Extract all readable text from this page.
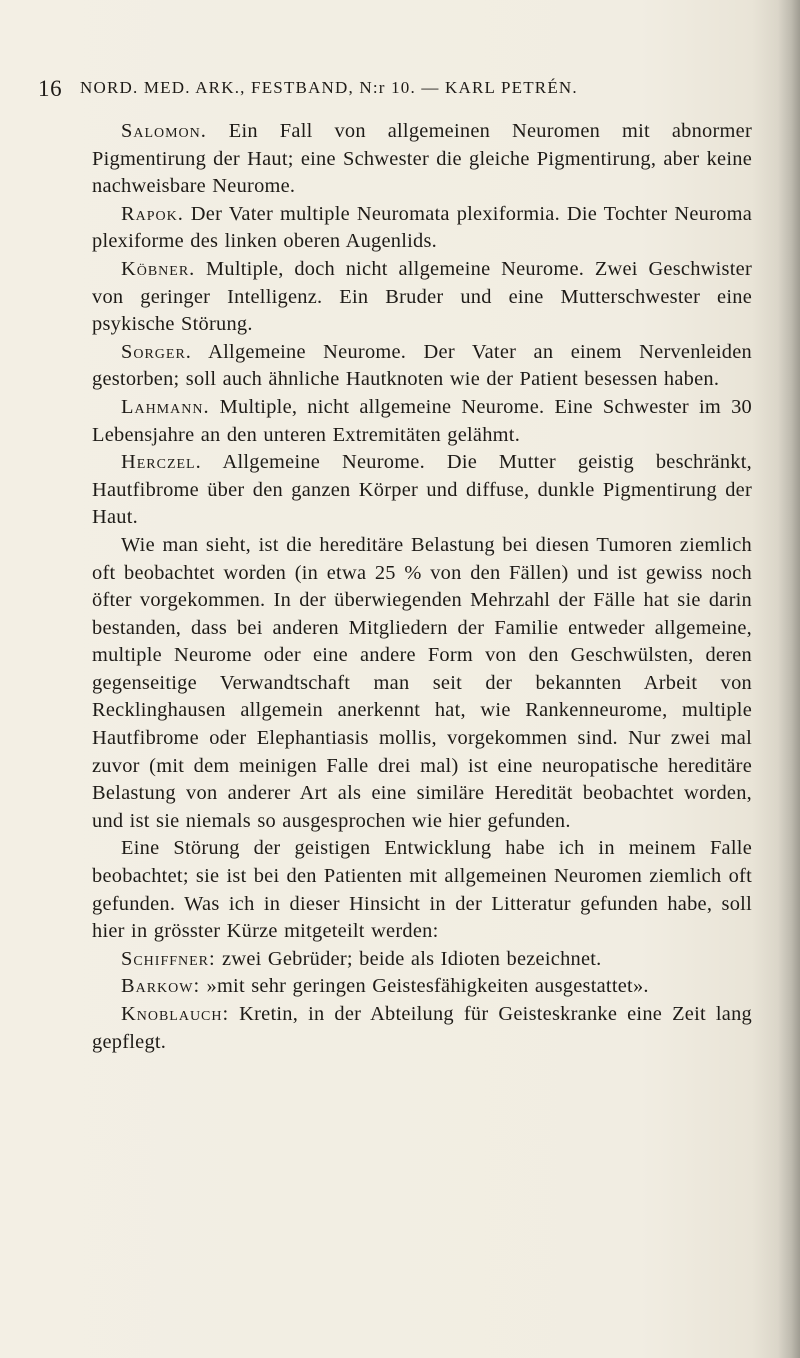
16 NORD. MED. ARK., FESTBAND, N:r 10. — KARL PETRÉN.

Salomon. Ein Fall von allgemeinen Neuromen mit abnormer Pigmentirung der Haut; eine Schwester die gleiche Pigmentirung, aber keine nachweisbare Neurome.

Rapok. Der Vater multiple Neuromata plexiformia. Die Tochter Neuroma plexiforme des linken oberen Augenlids.

Köbner. Multiple, doch nicht allgemeine Neurome. Zwei Geschwister von geringer Intelligenz. Ein Bruder und eine Mutterschwester eine psykische Störung.

Sorger. Allgemeine Neurome. Der Vater an einem Nervenleiden gestorben; soll auch ähnliche Hautknoten wie der Patient besessen haben.

Lahmann. Multiple, nicht allgemeine Neurome. Eine Schwester im 30 Lebensjahre an den unteren Extremitäten gelähmt.

Herczel. Allgemeine Neurome. Die Mutter geistig beschränkt, Hautfibrome über den ganzen Körper und diffuse, dunkle Pigmentirung der Haut.

Wie man sieht, ist die hereditäre Belastung bei diesen Tumoren ziemlich oft beobachtet worden (in etwa 25 % von den Fällen) und ist gewiss noch öfter vorgekommen. In der überwiegenden Mehrzahl der Fälle hat sie darin bestanden, dass bei anderen Mitgliedern der Familie entweder allgemeine, multiple Neurome oder eine andere Form von den Geschwülsten, deren gegenseitige Verwandtschaft man seit der bekannten Arbeit von Recklinghausen allgemein anerkennt hat, wie Rankenneurome, multiple Hautfibrome oder Elephantiasis mollis, vorgekommen sind. Nur zwei mal zuvor (mit dem meinigen Falle drei mal) ist eine neuropatische hereditäre Belastung von anderer Art als eine similäre Heredität beobachtet worden, und ist sie niemals so ausgesprochen wie hier gefunden.

Eine Störung der geistigen Entwicklung habe ich in meinem Falle beobachtet; sie ist bei den Patienten mit allgemeinen Neuromen ziemlich oft gefunden. Was ich in dieser Hinsicht in der Litteratur gefunden habe, soll hier in grösster Kürze mitgeteilt werden:

Schiffner: zwei Gebrüder; beide als Idioten bezeichnet.

Barkow: »mit sehr geringen Geistesfähigkeiten ausgestattet».

Knoblauch: Kretin, in der Abteilung für Geisteskranke eine Zeit lang gepflegt.
